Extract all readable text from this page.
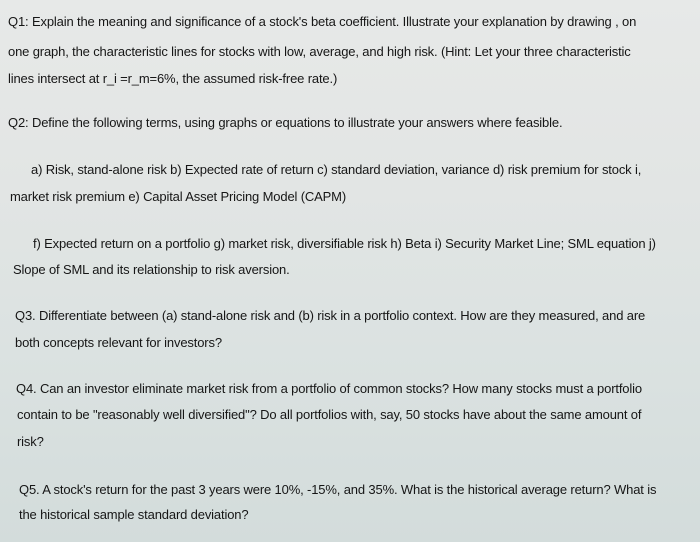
Q1: Explain the meaning and significance of a stock's beta coefficient. Illustrate your explanation by drawing , on
one graph, the characteristic lines for stocks with low, average, and high risk. (Hint: Let your three characteristic
lines intersect at r_i =r_m=6%, the assumed risk-free rate.)
Q2: Define the following terms, using graphs or equations to illustrate your answers where feasible.
a) Risk, stand-alone risk b) Expected rate of return c) standard deviation, variance d) risk premium for stock i,
market risk premium e) Capital Asset Pricing Model (CAPM)
f) Expected return on a portfolio g) market risk, diversifiable risk h) Beta i) Security Market Line; SML equation j)
Slope of SML and its relationship to risk aversion.
Q3. Differentiate between (a) stand-alone risk and (b) risk in a portfolio context. How are they measured, and are
both concepts relevant for investors?
Q4. Can an investor eliminate market risk from a portfolio of common stocks? How many stocks must a portfolio
contain to be "reasonably well diversified"? Do all portfolios with, say, 50 stocks have about the same amount of
risk?
Q5. A stock's return for the past 3 years were 10%, -15%, and 35%. What is the historical average return? What is
the historical sample standard deviation?
